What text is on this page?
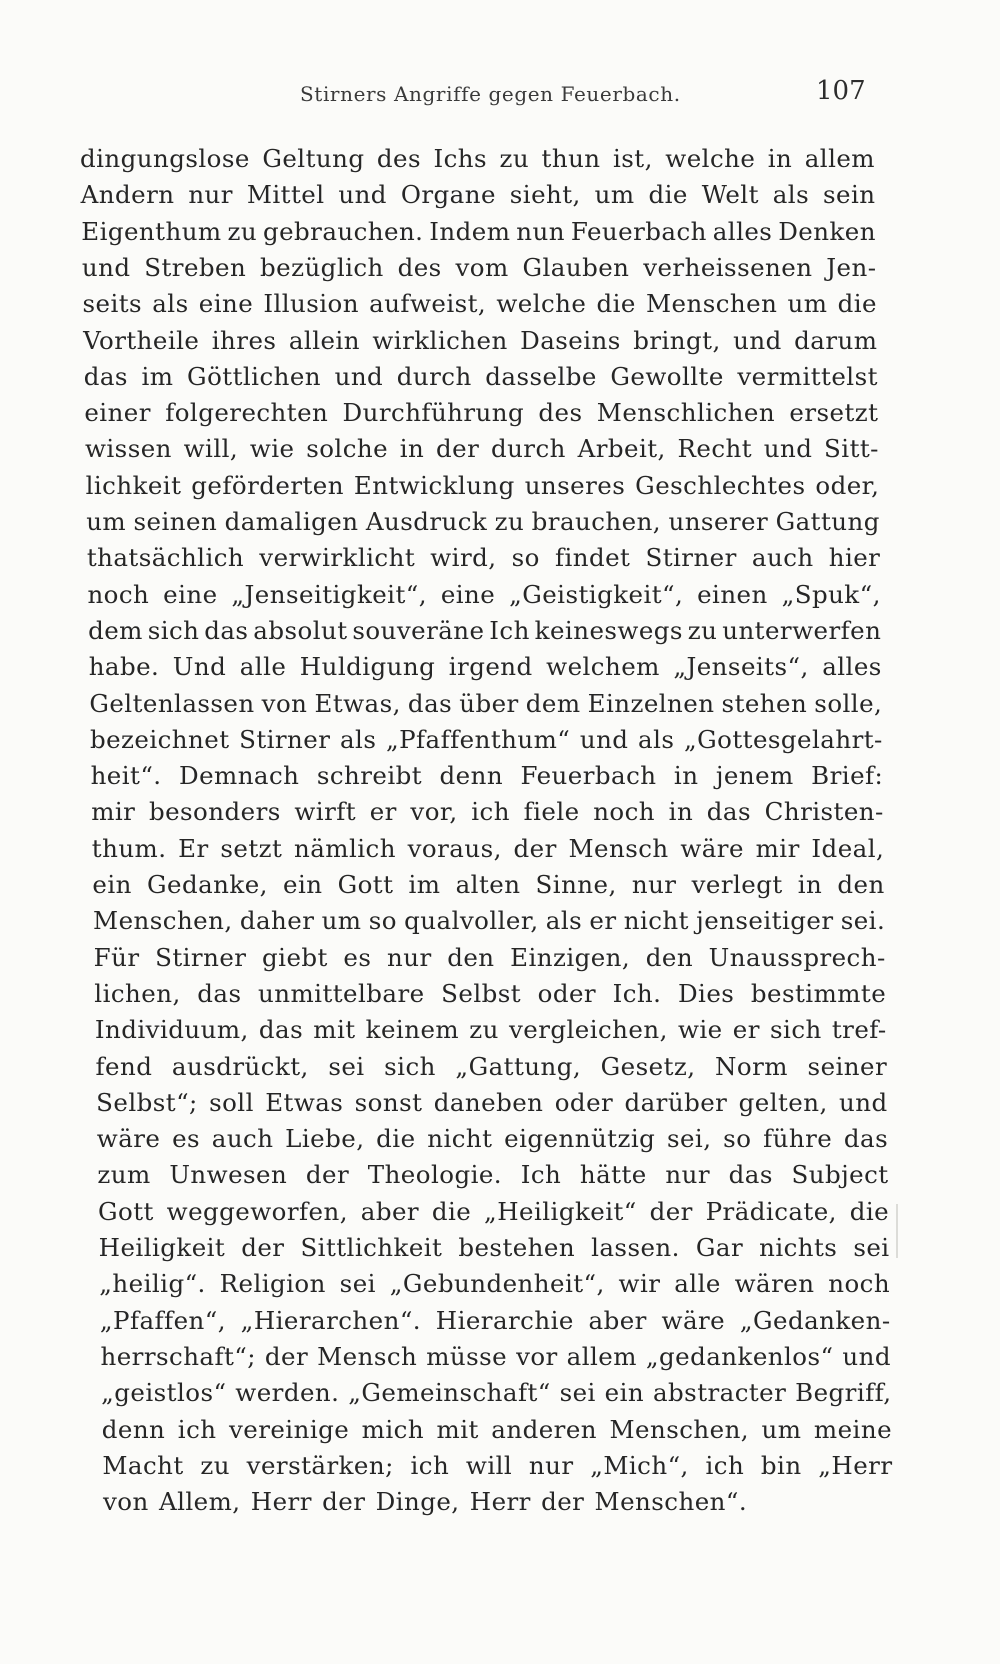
Stirners Angriffe gegen Feuerbach.	107
dingungslose Geltung des Ichs zu thun ist, welche in allem
Andern nur Mittel und Organe sieht, um die Welt als sein
Eigenthum zu gebrauchen. Indem nun Feuerbach alles Denken
und Streben bezüglich des vom Glauben verheissenen Jen-
seits als eine Illusion aufweist, welche die Menschen um die
Vortheile ihres allein wirklichen Daseins bringt, und darum
das im Göttlichen und durch dasselbe Gewollte vermittelst
einer folgerechten Durchführung des Menschlichen ersetzt
wissen will, wie solche in der durch Arbeit, Recht und Sitt-
lichkeit geförderten Entwicklung unseres Geschlechtes oder,
um seinen damaligen Ausdruck zu brauchen, unserer Gattung
thatsächlich verwirklicht wird, so findet Stirner auch hier
noch eine „Jenseitigkeit“, eine „Geistigkeit“, einen „Spuk“,
dem sich das absolut souveräne Ich keineswegs zu unterwerfen
habe. Und alle Huldigung irgend welchem „Jenseits“, alles
Geltenlassen von Etwas, das über dem Einzelnen stehen solle,
bezeichnet Stirner als „Pfaffenthum“ und als „Gottesgelahrt-
heit“. Demnach schreibt denn Feuerbach in jenem Brief:
mir besonders wirft er vor, ich fiele noch in das Christen-
thum. Er setzt nämlich voraus, der Mensch wäre mir Ideal,
ein Gedanke, ein Gott im alten Sinne, nur verlegt in den
Menschen, daher um so qualvoller, als er nicht jenseitiger sei.
Für Stirner giebt es nur den Einzigen, den Unaussprech-
lichen, das unmittelbare Selbst oder Ich. Dies bestimmte
Individuum, das mit keinem zu vergleichen, wie er sich tref-
fend ausdrückt, sei sich „Gattung, Gesetz, Norm seiner
Selbst“; soll Etwas sonst daneben oder darüber gelten, und
wäre es auch Liebe, die nicht eigennützig sei, so führe das
zum Unwesen der Theologie. Ich hätte nur das Subject
Gott weggeworfen, aber die „Heiligkeit“ der Prädicate, die
Heiligkeit der Sittlichkeit bestehen lassen. Gar nichts sei
„heilig“. Religion sei „Gebundenheit“, wir alle wären noch
„Pfaffen“, „Hierarchen“. Hierarchie aber wäre „Gedanken-
herrschaft“; der Mensch müsse vor allem „gedankenlos“ und
„geistlos“ werden. „Gemeinschaft“ sei ein abstracter Begriff,
denn ich vereinige mich mit anderen Menschen, um meine
Macht zu verstärken; ich will nur „Mich“, ich bin „Herr
von Allem, Herr der Dinge, Herr der Menschen“.
